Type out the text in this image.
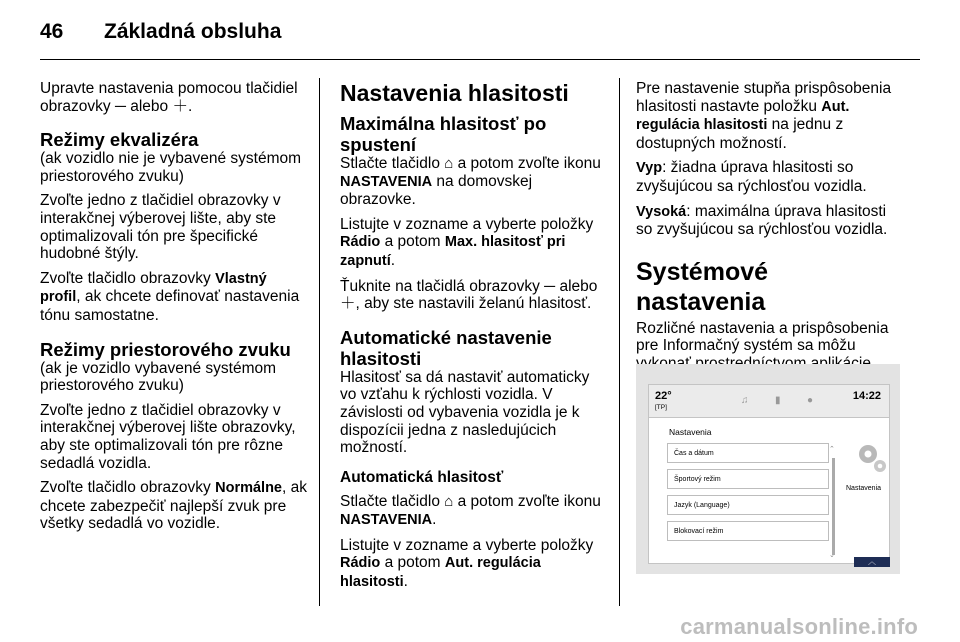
46 Základná obsluha

Upravte nastavenia pomocou tlačidiel obrazovky ─ alebo ＋.

Režimy ekvalizéra

(ak vozidlo nie je vybavené systémom priestorového zvuku)

Zvoľte jedno z tlačidiel obrazovky v interakčnej výberovej lište, aby ste optimalizovali tón pre špecifické hudobné štýly.

Zvoľte tlačidlo obrazovky Vlastný profil, ak chcete definovať nastavenia tónu samostatne.

Režimy priestorového zvuku

(ak je vozidlo vybavené systémom priestorového zvuku)

Zvoľte jedno z tlačidiel obrazovky v interakčnej výberovej lište obrazovky, aby ste optimalizovali tón pre rôzne sedadlá vozidla.

Zvoľte tlačidlo obrazovky Normálne, ak chcete zabezpečiť najlepší zvuk pre všetky sedadlá vo vozidle.

Nastavenia hlasitosti
Maximálna hlasitosť po spustení

Stlačte tlačidlo ⌂ a potom zvoľte ikonu NASTAVENIA na domovskej obrazovke.

Listujte v zozname a vyberte položky Rádio a potom Max. hlasitosť pri zapnutí.

Ťuknite na tlačidlá obrazovky ─ alebo ＋, aby ste nastavili želanú hlasitosť.

Automatické nastavenie hlasitosti

Hlasitosť sa dá nastaviť automaticky vo vzťahu k rýchlosti vozidla. V závislosti od vybavenia vozidla je k dispozícii jedna z nasledujúcich možností.

Automatická hlasitosť

Stlačte tlačidlo ⌂ a potom zvoľte ikonu NASTAVENIA.

Listujte v zozname a vyberte položky Rádio a potom Aut. regulácia hlasitosti.

Pre nastavenie stupňa prispôsobenia hlasitosti nastavte položku Aut. regulácia hlasitosti na jednu z dostupných možností.

Vyp: žiadna úprava hlasitosti so zvyšujúcou sa rýchlosťou vozidla.

Vysoká: maximálna úprava hlasitosti so zvyšujúcou sa rýchlosťou vozidla.

Systémové nastavenia

Rozličné nastavenia a prispôsobenia pre Informačný systém sa môžu

22°
[TP]
♫	▮	●	14:22
Nastavenia
Čas a dátum
Športový režim
Jazyk (Language)
Blokovací režim
⌃
⌄
Nastavenia
︿
carmanualsonline.info
